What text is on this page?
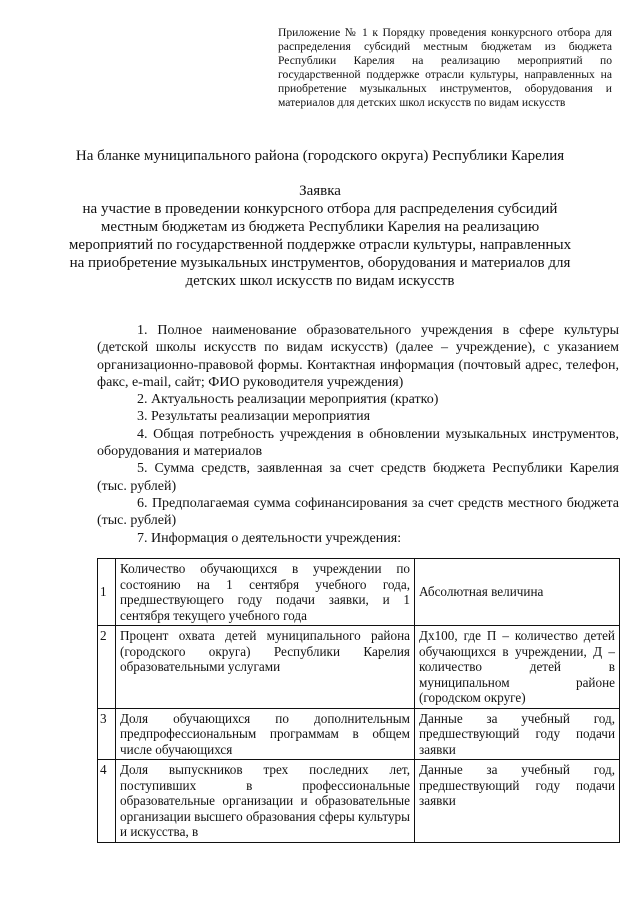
Приложение № 1 к Порядку проведения конкурсного отбора для распределения субсидий местным бюджетам из бюджета Республики Карелия на реализацию мероприятий по государственной поддержке отрасли культуры, направленных на приобретение музыкальных инструментов, оборудования и материалов для детских школ искусств по видам искусств
На бланке муниципального района (городского округа) Республики Карелия
Заявка
на участие в проведении конкурсного отбора для распределения субсидий
местным бюджетам из бюджета Республики Карелия на реализацию
мероприятий по государственной поддержке отрасли культуры, направленных
на приобретение музыкальных инструментов, оборудования и материалов для
детских школ искусств по видам искусств

1. Полное наименование образовательного учреждения в сфере культуры (детской школы искусств по видам искусств) (далее – учреждение), с указанием организационно-правовой формы. Контактная информация (почтовый адрес, телефон, факс, e-mail, сайт; ФИО руководителя учреждения)

2. Актуальность реализации мероприятия (кратко)

3. Результаты реализации мероприятия

4. Общая потребность учреждения в обновлении музыкальных инструментов, оборудования и материалов

5. Сумма средств, заявленная за счет средств бюджета Республики Карелия (тыс. рублей)

6. Предполагаемая сумма софинансирования за счет средств местного бюджета (тыс. рублей)

7. Информация о деятельности учреждения:

1	Количество обучающихся в учреждении по состоянию на 1 сентября учебного года, предшествующего году подачи заявки, и 1 сентября текущего учебного года	Абсолютная величина
2	Процент охвата детей муниципального района (городского округа) Республики Карелия образовательными услугами	Дх100, где П – количество детей обучающихся в учреждении, Д – количество детей в муниципальном районе (городском округе)
3	Доля обучающихся по дополнительным предпрофессиональным программам в общем числе обучающихся	Данные за учебный год, предшествующий году подачи заявки
4	Доля выпускников трех последних лет, поступивших в профессиональные образовательные организации и образовательные организации высшего образования сферы культуры и искусства, в	Данные за учебный год, предшествующий году подачи заявки
